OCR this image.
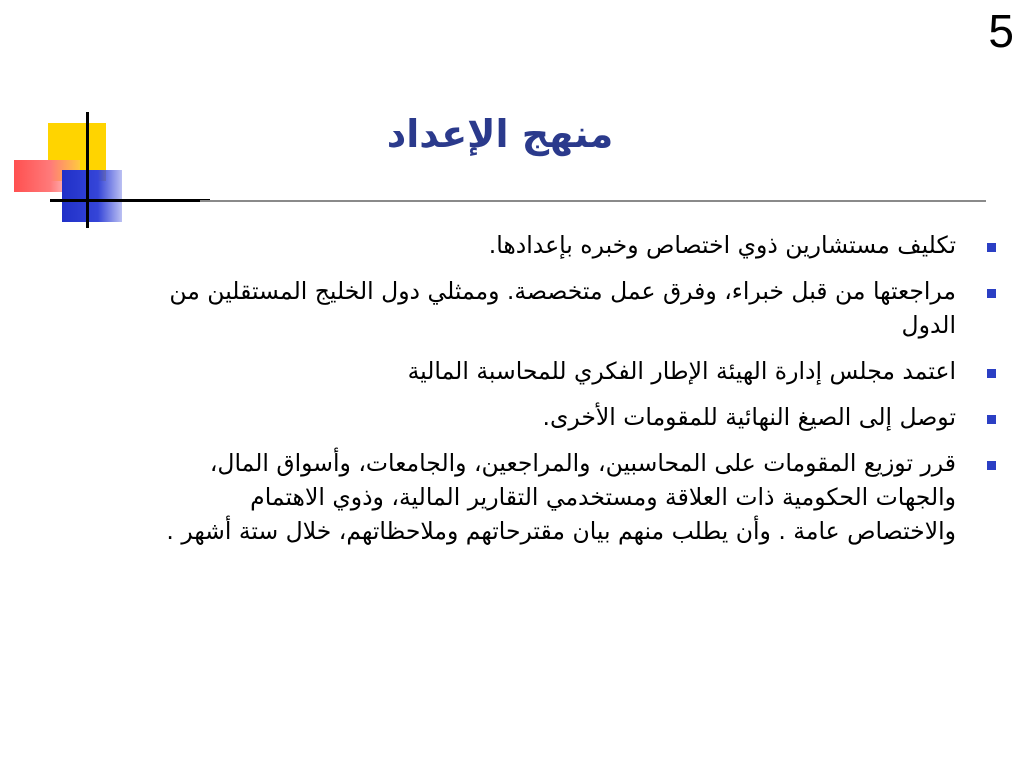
5
منهج الإعداد
تكليف مستشارين ذوي اختصاص وخبره بإعدادها.
مراجعتها من قبل خبراء، وفرق عمل متخصصة. وممثلي دول الخليج المستقلين من الدول
اعتمد مجلس إدارة الهيئة الإطار الفكري للمحاسبة المالية
توصل إلى الصيغ النهائية للمقومات الأخرى.
قرر توزيع المقومات على المحاسبين، والمراجعين، والجامعات، وأسواق المال، والجهات الحكومية ذات العلاقة ومستخدمي التقارير المالية، وذوي الاهتمام والاختصاص عامة . وأن يطلب منهم بيان مقترحاتهم وملاحظاتهم، خلال ستة أشهر .
